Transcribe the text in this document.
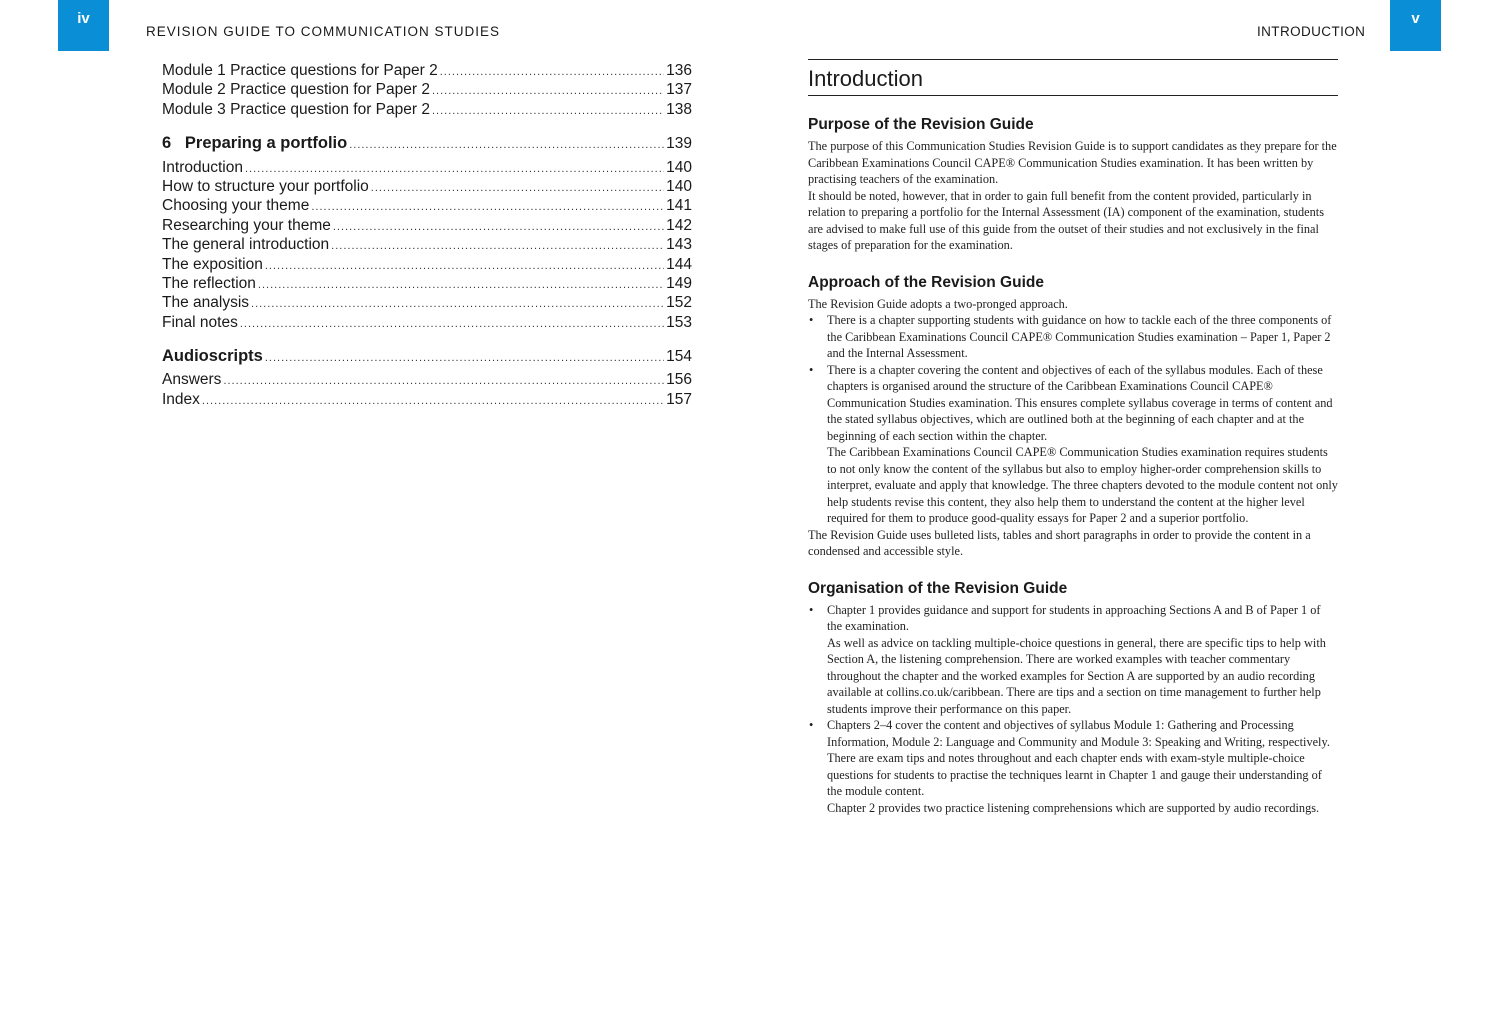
iv
REVISION GUIDE TO COMMUNICATION STUDIES
Module 1 Practice questions for Paper 2 .....	136
Module 2 Practice question for Paper 2 .....	137
Module 3 Practice question for Paper 2 .....	138
6   Preparing a portfolio .....	139
Introduction .....	140
How to structure your portfolio .....	140
Choosing your theme .....	141
Researching your theme .....	142
The general introduction .....	143
The exposition .....	144
The reflection .....	149
The analysis .....	152
Final notes .....	153
Audioscripts .....	154
Answers .....	156
Index .....	157
INTRODUCTION
v
Introduction
Purpose of the Revision Guide

The purpose of this Communication Studies Revision Guide is to support candidates as they prepare for the Caribbean Examinations Council CAPE® Communication Studies examination. It has been written by practising teachers of the examination.

It should be noted, however, that in order to gain full benefit from the content provided, particularly in relation to preparing a portfolio for the Internal Assessment (IA) component of the examination, students are advised to make full use of this guide from the outset of their studies and not exclusively in the final stages of preparation for the examination.

Approach of the Revision Guide

The Revision Guide adopts a two-pronged approach.

• There is a chapter supporting students with guidance on how to tackle each of the three components of the Caribbean Examinations Council CAPE® Communication Studies examination – Paper 1, Paper 2 and the Internal Assessment.

• There is a chapter covering the content and objectives of each of the syllabus modules. Each of these chapters is organised around the structure of the Caribbean Examinations Council CAPE® Communication Studies examination. This ensures complete syllabus coverage in terms of content and the stated syllabus objectives, which are outlined both at the beginning of each chapter and at the beginning of each section within the chapter.

The Caribbean Examinations Council CAPE® Communication Studies examination requires students to not only know the content of the syllabus but also to employ higher-order comprehension skills to interpret, evaluate and apply that knowledge. The three chapters devoted to the module content not only help students revise this content, they also help them to understand the content at the higher level required for them to produce good-quality essays for Paper 2 and a superior portfolio.

The Revision Guide uses bulleted lists, tables and short paragraphs in order to provide the content in a condensed and accessible style.

Organisation of the Revision Guide

• Chapter 1 provides guidance and support for students in approaching Sections A and B of Paper 1 of the examination.

As well as advice on tackling multiple-choice questions in general, there are specific tips to help with Section A, the listening comprehension. There are worked examples with teacher commentary throughout the chapter and the worked examples for Section A are supported by an audio recording available at collins.co.uk/caribbean. There are tips and a section on time management to further help students improve their performance on this paper.

• Chapters 2–4 cover the content and objectives of syllabus Module 1: Gathering and Processing Information, Module 2: Language and Community and Module 3: Speaking and Writing, respectively.

There are exam tips and notes throughout and each chapter ends with exam-style multiple-choice questions for students to practise the techniques learnt in Chapter 1 and gauge their understanding of the module content.

Chapter 2 provides two practice listening comprehensions which are supported by audio recordings.
